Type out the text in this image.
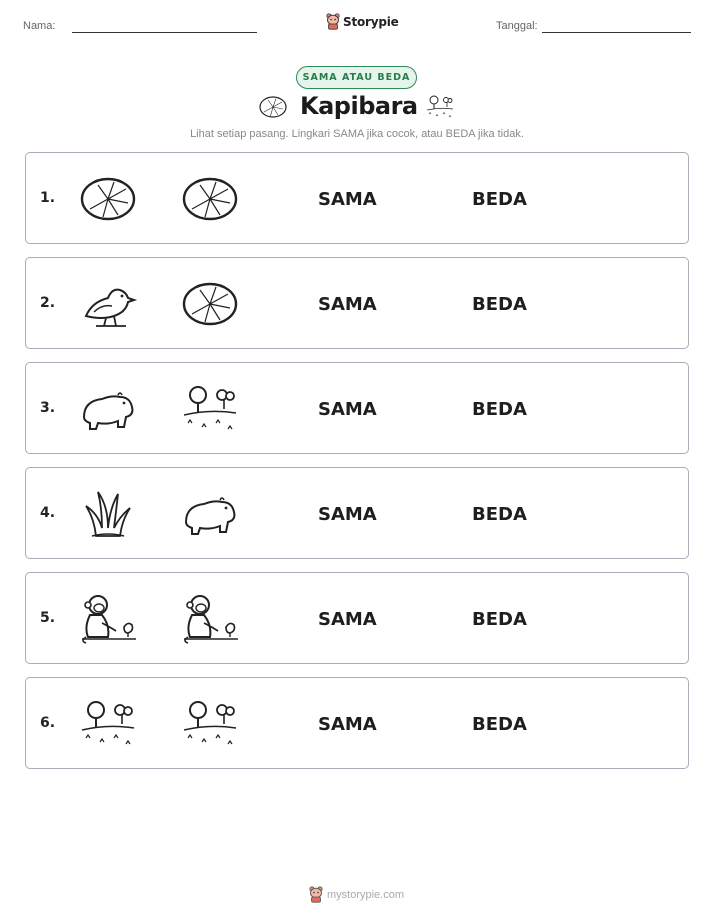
Nama:	Storypie	Tanggal:
SAMA ATAU BEDA
Kapibara
Lihat setiap pasang. Lingkari SAMA jika cocok, atau BEDA jika tidak.
1.	SAMA	BEDA
2.	SAMA	BEDA
3.	SAMA	BEDA
4.	SAMA	BEDA
5.	SAMA	BEDA
6.	SAMA	BEDA
mystorypie.com
